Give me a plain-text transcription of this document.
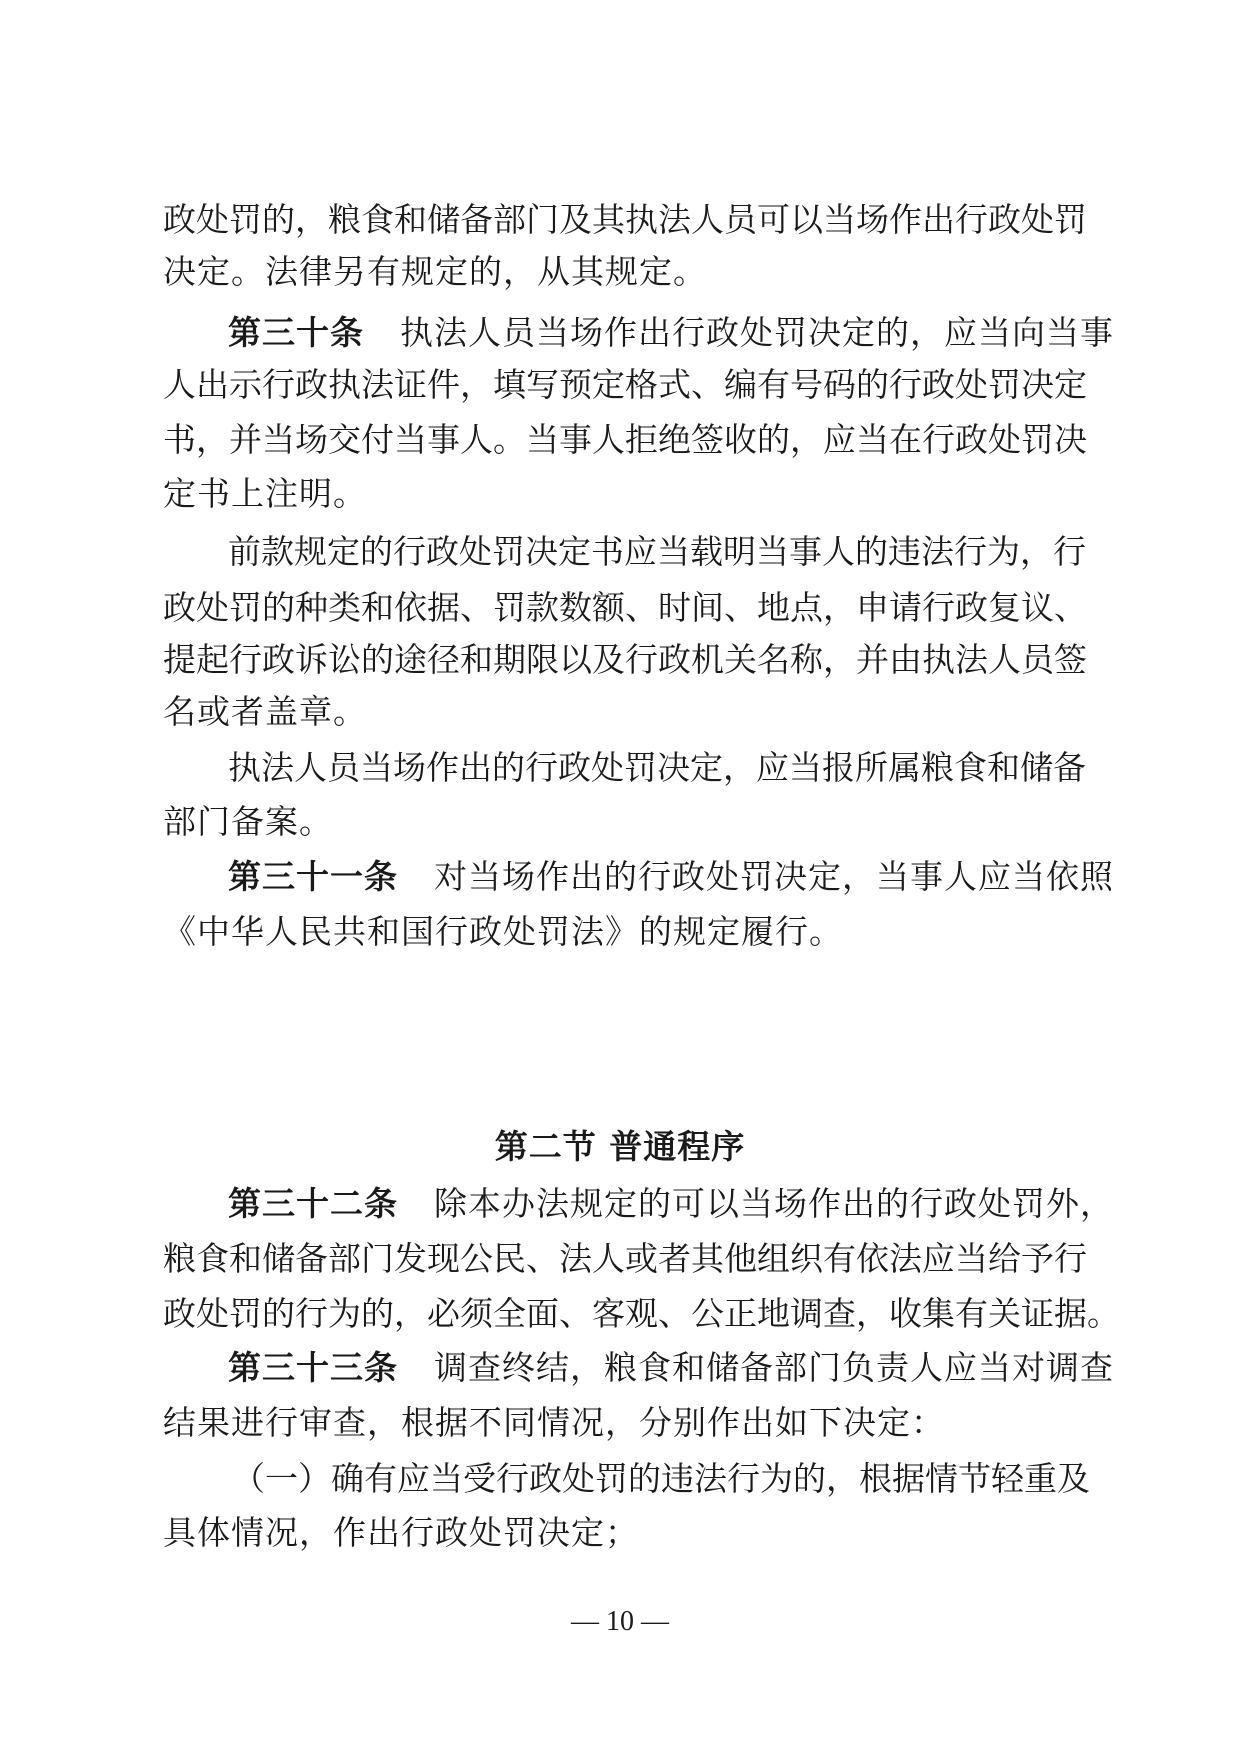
政处罚的，粮食和储备部门及其执法人员可以当场作出行政处罚
决定。法律另有规定的，从其规定。
第三十条 执法人员当场作出行政处罚决定的，应当向当事
人出示行政执法证件，填写预定格式、编有号码的行政处罚决定
书，并当场交付当事人。当事人拒绝签收的，应当在行政处罚决
定书上注明。
前款规定的行政处罚决定书应当载明当事人的违法行为，行
政处罚的种类和依据、罚款数额、时间、地点，申请行政复议、
提起行政诉讼的途径和期限以及行政机关名称，并由执法人员签
名或者盖章。
执法人员当场作出的行政处罚决定，应当报所属粮食和储备
部门备案。
第三十一条 对当场作出的行政处罚决定，当事人应当依照
《中华人民共和国行政处罚法》的规定履行。
第二节 普通程序
第三十二条 除本办法规定的可以当场作出的行政处罚外，
粮食和储备部门发现公民、法人或者其他组织有依法应当给予行
政处罚的行为的，必须全面、客观、公正地调查，收集有关证据。
第三十三条 调查终结，粮食和储备部门负责人应当对调查
结果进行审查，根据不同情况，分别作出如下决定：
（一）确有应当受行政处罚的违法行为的，根据情节轻重及
具体情况，作出行政处罚决定；
— 10 —
